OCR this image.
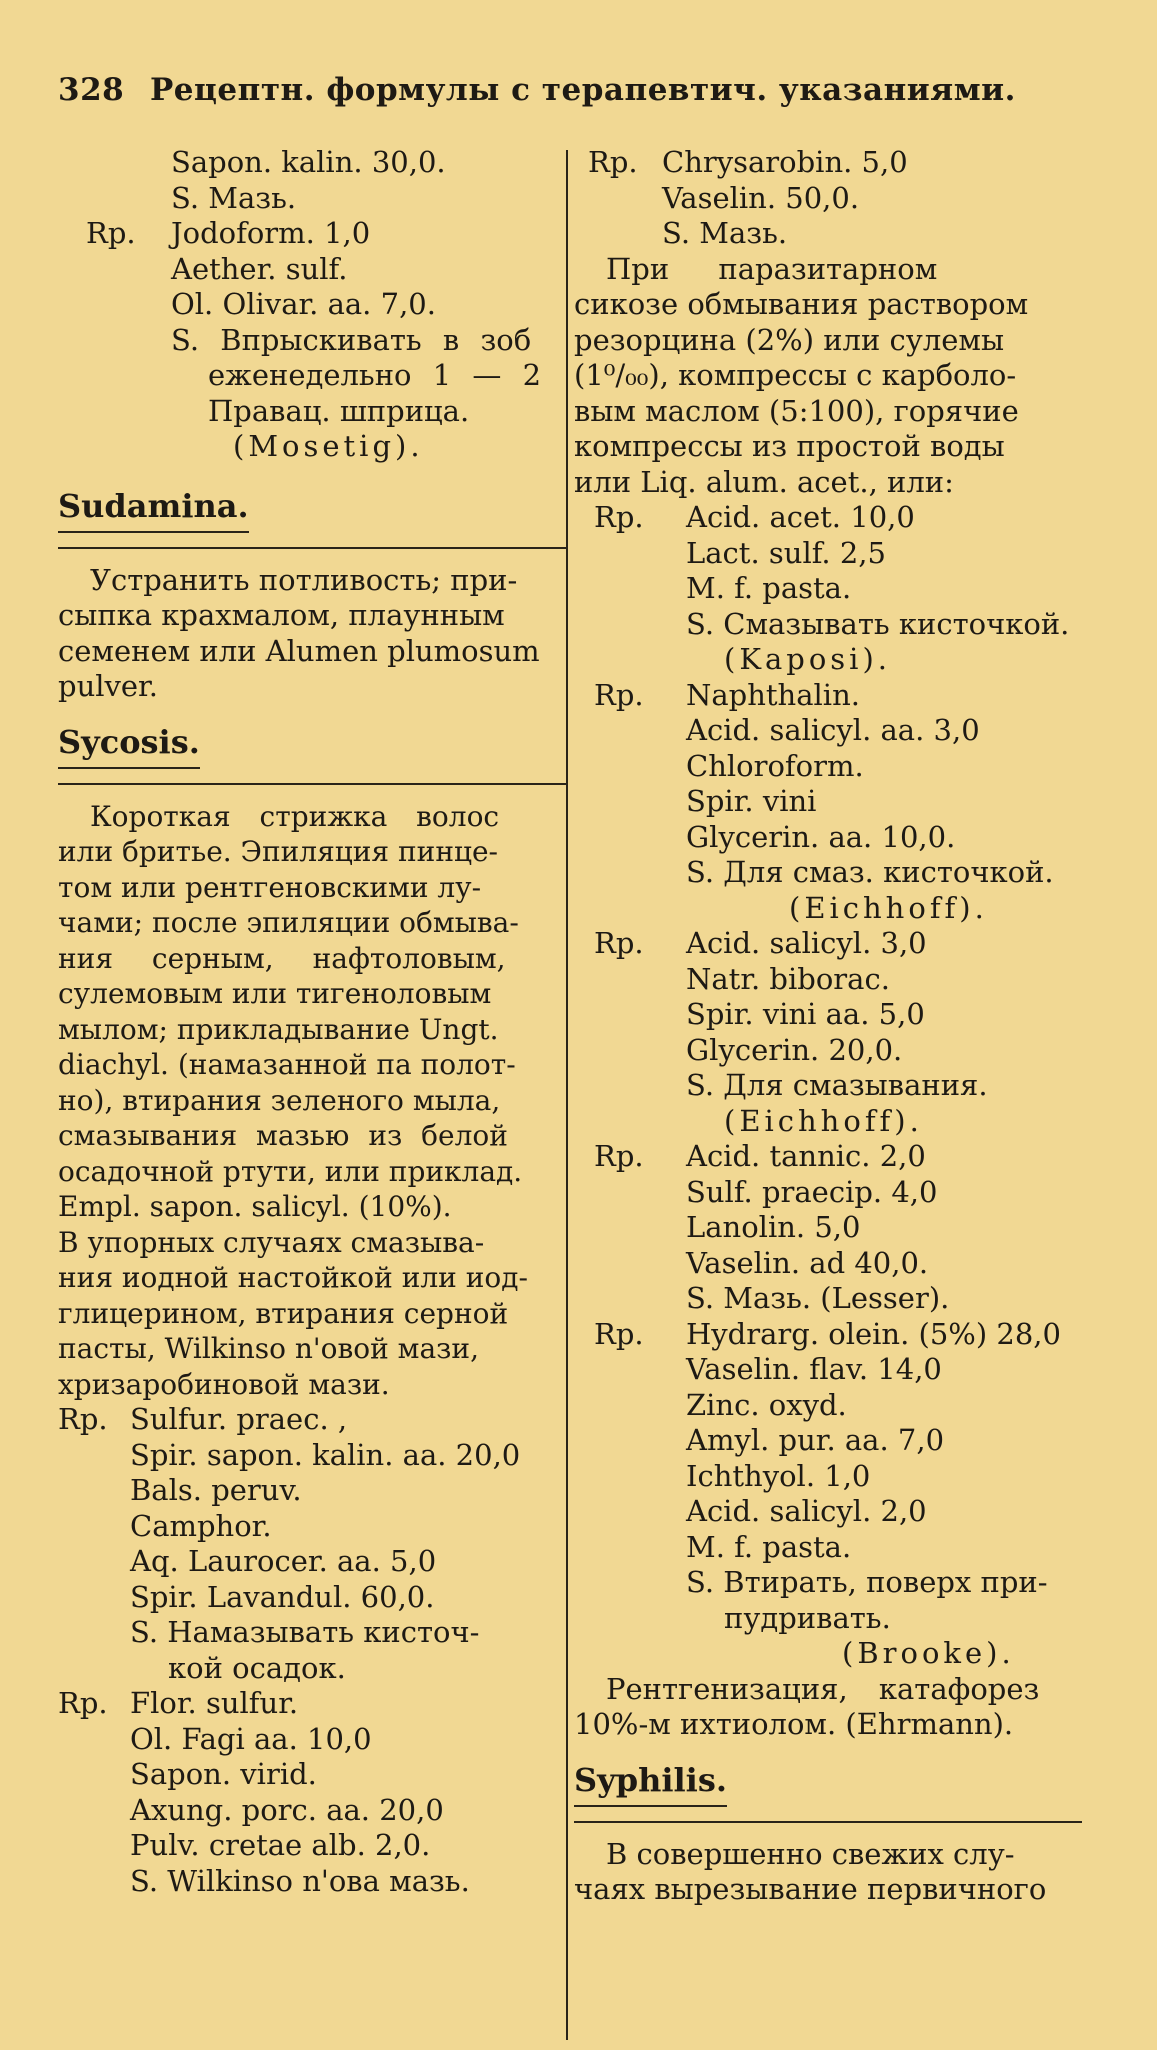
328 Рецептн. формулы с терапевтич. указаниями.
Sapon. kalin. 30,0.
S. Мазь.
Rp. Jodoform. 1,0
Aether. sulf.
Ol. Olivar. aa. 7,0.
S. Впрыскивать в зоб
еженедельно 1 — 2
Правац. шприца.
(Mosetig).
Sudamina.
Устранить потливость; при-
сыпка крахмалом, плаунным
семенем или Alumen plumosum
pulver.
Sycosis.
Короткая стрижка волос
или бритье. Эпиляция пинце-
том или рентгеновскими лу-
чами; после эпиляции обмыва-
ния серным, нафтоловым,
сулемовым или тигеноловым
мылом; прикладывание Ungt.
diachyl. (намазанной па полот-
но), втирания зеленого мыла,
смазывания мазью из белой
осадочной ртути, или приклад.
Empl. sapon. salicyl. (10%).
В упорных случаях смазыва-
ния иодной настойкой или иод-
глицерином, втирания серной
пасты, Wilkinso n'овой мази,
хризаробиновой мази.
Rp. Sulfur. praec. ,
Spir. sapon. kalin. aa. 20,0
Bals. peruv.
Camphor.
Aq. Laurocer. aa. 5,0
Spir. Lavandul. 60,0.
S. Намазывать кисточ-
кой осадок.
Rp. Flor. sulfur.
Ol. Fagi aa. 10,0
Sapon. virid.
Axung. porc. aa. 20,0
Pulv. cretae alb. 2,0.
S. Wilkinso n'ова мазь.
Rp. Chrysarobin. 5,0
Vaselin. 50,0.
S. Мазь.
При паразитарном
сикозе обмывания раствором
резорцина (2%) или сулемы
(1⁰/₀₀), компрессы с карболо-
вым маслом (5:100), горячие
компрессы из простой воды
или Liq. alum. acet., или:
Rp. Acid. acet. 10,0
Lact. sulf. 2,5
M. f. pasta.
S. Смазывать кисточкой.
(Kaposi).
Rp. Naphthalin.
Acid. salicyl. aa. 3,0
Chloroform.
Spir. vini
Glycerin. aa. 10,0.
S. Для смаз. кисточкой.
(Eichhoff).
Rp. Acid. salicyl. 3,0
Natr. biborac.
Spir. vini aa. 5,0
Glycerin. 20,0.
S. Для смазывания.
(Eichhoff).
Rp. Acid. tannic. 2,0
Sulf. praecip. 4,0
Lanolin. 5,0
Vaselin. ad 40,0.
S. Мазь. (Lesser).
Rp. Hydrarg. olein. (5%) 28,0
Vaselin. flav. 14,0
Zinc. oxyd.
Amyl. pur. aa. 7,0
Ichthyol. 1,0
Acid. salicyl. 2,0
M. f. pasta.
S. Втирать, поверх при-
пудривать.
(Brooke).
Рентгенизация, катафорез
10%-м ихтиолом. (Ehrmann).
Syphilis.
В совершенно свежих слу-
чаях вырезывание первичного
